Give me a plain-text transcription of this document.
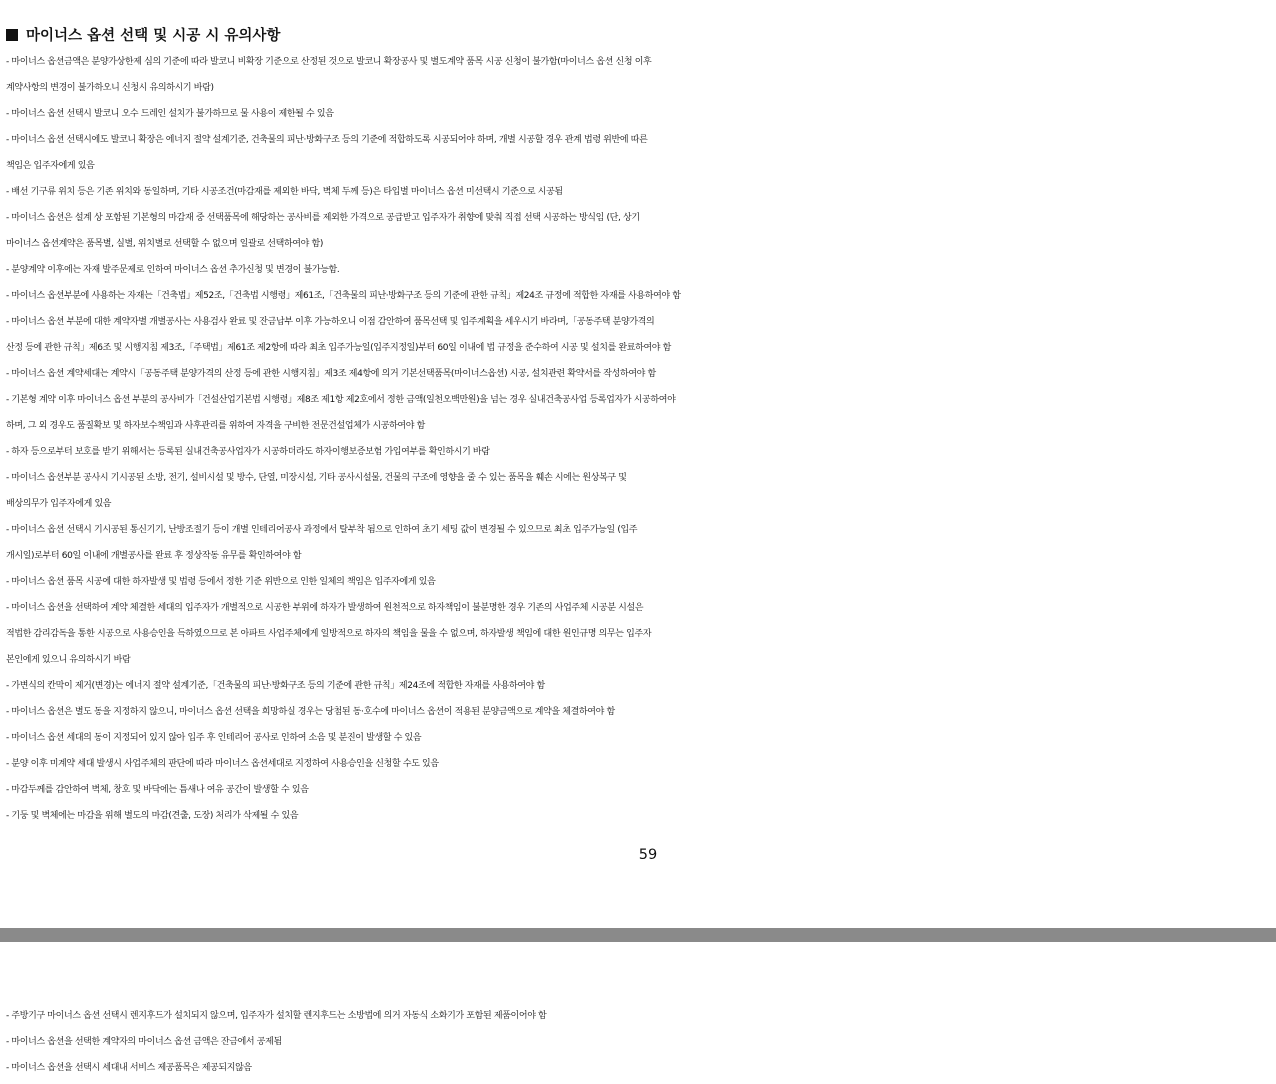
마이너스 옵션 선택 및 시공 시 유의사항
- 마이너스 옵션금액은 분양가상한제 심의 기준에 따라 발코니 비확장 기준으로 산정된 것으로 발코니 확장공사 및 별도계약 품목 시공 신청이 불가함(마이너스 옵션 신청 이후
계약사항의 변경이 불가하오니 신청시 유의하시기 바람)
- 마이너스 옵션 선택시 발코니 오수 드레인 설치가 불가하므로 물 사용이 제한될 수 있음
- 마이너스 옵션 선택시에도 발코니 확장은 에너지 절약 설계기준, 건축물의 피난·방화구조 등의 기준에 적합하도록 시공되어야 하며, 개별 시공할 경우 관계 법령 위반에 따른
책임은 입주자에게 있음
- 배선 기구류 위치 등은 기존 위치와 동일하며, 기타 시공조건(마감재를 제외한 바닥, 벽체 두께 등)은 타입별 마이너스 옵션 미선택시 기준으로 시공됨
- 마이너스 옵션은 설계 상 포함된 기본형의 마감재 중 선택품목에 해당하는 공사비를 제외한 가격으로 공급받고 입주자가 취향에 맞춰 직접 선택 시공하는 방식임 (단, 상기
마이너스 옵션계약은 품목별, 실별, 위치별로 선택할 수 없으며 일괄로 선택하여야 함)
- 분양계약 이후에는 자재 발주문제로 인하여 마이너스 옵션 추가신청 및 변경이 불가능함.
- 마이너스 옵션부분에 사용하는 자재는「건축법」제52조,「건축법 시행령」제61조,「건축물의 피난·방화구조 등의 기준에 관한 규칙」제24조 규정에 적합한 자재를 사용하여야 함
- 마이너스 옵션 부분에 대한 계약자별 개별공사는 사용검사 완료 및 잔금납부 이후 가능하오니 이점 감안하여 품목선택 및 입주계획을 세우시기 바라며,「공동주택 분양가격의
산정 등에 관한 규칙」제6조 및 시행지침 제3조,「주택법」제61조 제2항에 따라 최초 입주가능일(입주지정일)부터 60일 이내에 법 규정을 준수하여 시공 및 설치를 완료하여야 함
- 마이너스 옵션 계약세대는 계약시「공동주택 분양가격의 산정 등에 관한 시행지침」제3조 제4항에 의거 기본선택품목(마이너스옵션) 시공, 설치관련 확약서를 작성하여야 함
- 기본형 계약 이후 마이너스 옵션 부분의 공사비가「건설산업기본법 시행령」제8조 제1항 제2호에서 정한 금액(일천오백만원)을 넘는 경우 실내건축공사업 등록업자가 시공하여야
하며, 그 외 경우도 품질확보 및 하자보수책임과 사후관리를 위하여 자격을 구비한 전문건설업체가 시공하여야 함
- 하자 등으로부터 보호를 받기 위해서는 등록된 실내건축공사업자가 시공하더라도 하자이행보증보험 가입여부를 확인하시기 바람
- 마이너스 옵션부분 공사시 기시공된 소방, 전기, 설비시설 및 방수, 단열, 미장시설, 기타 공사시설물, 건물의 구조에 영향을 줄 수 있는 품목을 훼손 시에는 원상복구 및
배상의무가 입주자에게 있음
- 마이너스 옵션 선택시 기시공된 통신기기, 난방조절기 등이 개별 인테리어공사 과정에서 탈부착 됨으로 인하여 초기 세팅 값이 변경될 수 있으므로 최초 입주가능일 (입주
개시일)로부터 60일 이내에 개별공사를 완료 후 정상작동 유무를 확인하여야 함
- 마이너스 옵션 품목 시공에 대한 하자발생 및 법령 등에서 정한 기준 위반으로 인한 일체의 책임은 입주자에게 있음
- 마이너스 옵션을 선택하여 계약 체결한 세대의 입주자가 개별적으로 시공한 부위에 하자가 발생하여 원천적으로 하자책임이 불분명한 경우 기존의 사업주체 시공분 시설은
적법한 감리감독을 통한 시공으로 사용승인을 득하였으므로 본 아파트 사업주체에게 일방적으로 하자의 책임을 물을 수 없으며, 하자발생 책임에 대한 원인규명 의무는 입주자
본인에게 있으니 유의하시기 바람
- 가변식의 칸막이 제거(변경)는 에너지 절약 설계기준,「건축물의 피난·방화구조 등의 기준에 관한 규칙」제24조에 적합한 자재를 사용하여야 함
- 마이너스 옵션은 별도 동을 지정하지 않으니, 마이너스 옵션 선택을 희망하실 경우는 당첨된 동·호수에 마이너스 옵션이 적용된 분양금액으로 계약을 체결하여야 함
- 마이너스 옵션 세대의 동이 지정되어 있지 않아 입주 후 인테리어 공사로 인하여 소음 및 분진이 발생할 수 있음
- 분양 이후 미계약 세대 발생시 사업주체의 판단에 따라 마이너스 옵션세대로 지정하여 사용승인을 신청할 수도 있음
- 마감두께를 감안하여 벽체, 창호 및 바닥에는 틈새나 여유 공간이 발생할 수 있음
- 기둥 및 벽체에는 마감을 위해 별도의 마감(견출, 도장) 처리가 삭제될 수 있음
59
- 주방기구 마이너스 옵션 선택시 렌지후드가 설치되지 않으며, 입주자가 설치할 렌지후드는 소방법에 의거 자동식 소화기가 포함된 제품이어야 함
- 마이너스 옵션을 선택한 계약자의 마이너스 옵션 금액은 잔금에서 공제됨
- 마이너스 옵션을 선택시 세대내 서비스 제공품목은 제공되지않음
